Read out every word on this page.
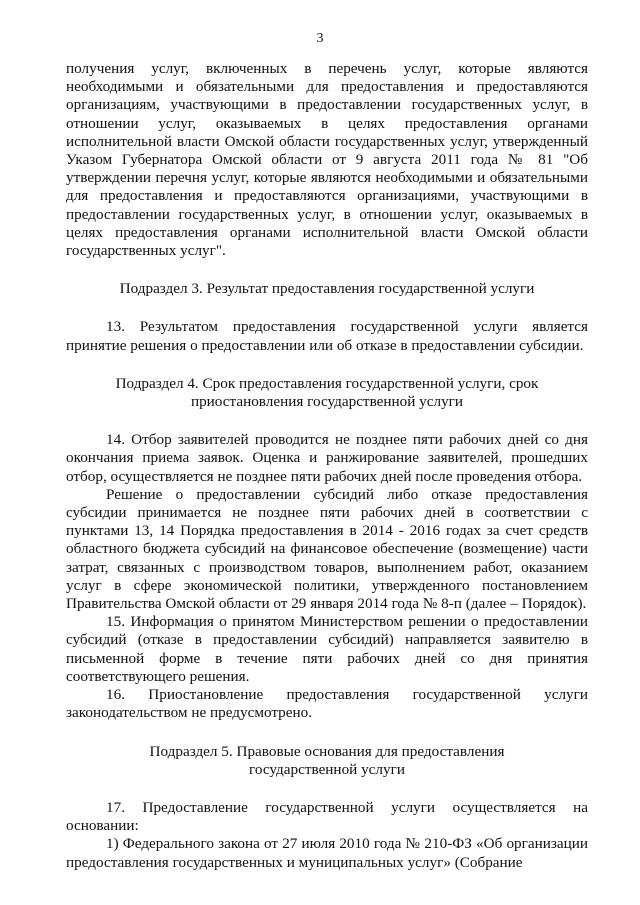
3

получения услуг, включенных в перечень услуг, которые являются необходимыми и обязательными для предоставления и предоставляются организациям, участвующими в предоставлении государственных услуг, в отношении услуг, оказываемых в целях предоставления органами исполнительной власти Омской области государственных услуг, утвержденный Указом Губернатора Омской области от 9 августа 2011 года № 81 "Об утверждении перечня услуг, которые являются необходимыми и обязательными для предоставления и предоставляются организациями, участвующими в предоставлении государственных услуг, в отношении услуг, оказываемых в целях предоставления органами исполнительной власти Омской области государственных услуг".

Подраздел 3. Результат предоставления государственной услуги

13. Результатом предоставления государственной услуги является принятие решения о предоставлении или об отказе в предоставлении субсидии.

Подраздел 4. Срок предоставления государственной услуги, срок

приостановления государственной услуги

14. Отбор заявителей проводится не позднее пяти рабочих дней со дня окончания приема заявок. Оценка и ранжирование заявителей, прошедших отбор, осуществляется не позднее пяти рабочих дней после проведения отбора.

Решение о предоставлении субсидий либо отказе предоставления субсидии принимается не позднее пяти рабочих дней в соответствии с пунктами 13, 14 Порядка предоставления в 2014 - 2016 годах за счет средств областного бюджета субсидий на финансовое обеспечение (возмещение) части затрат, связанных с производством товаров, выполнением работ, оказанием услуг в сфере экономической политики, утвержденного постановлением Правительства Омской области от 29 января 2014 года № 8-п (далее – Порядок).

15. Информация о принятом Министерством решении о предоставлении субсидий (отказе в предоставлении субсидий) направляется заявителю в письменной форме в течение пяти рабочих дней со дня принятия соответствующего решения.

16. Приостановление предоставления государственной услуги законодательством не предусмотрено.

Подраздел 5. Правовые основания для предоставления

государственной услуги

17. Предоставление государственной услуги осуществляется на основании:

1) Федерального закона от 27 июля 2010 года № 210-ФЗ «Об организации предоставления государственных и муниципальных услуг» (Собрание
